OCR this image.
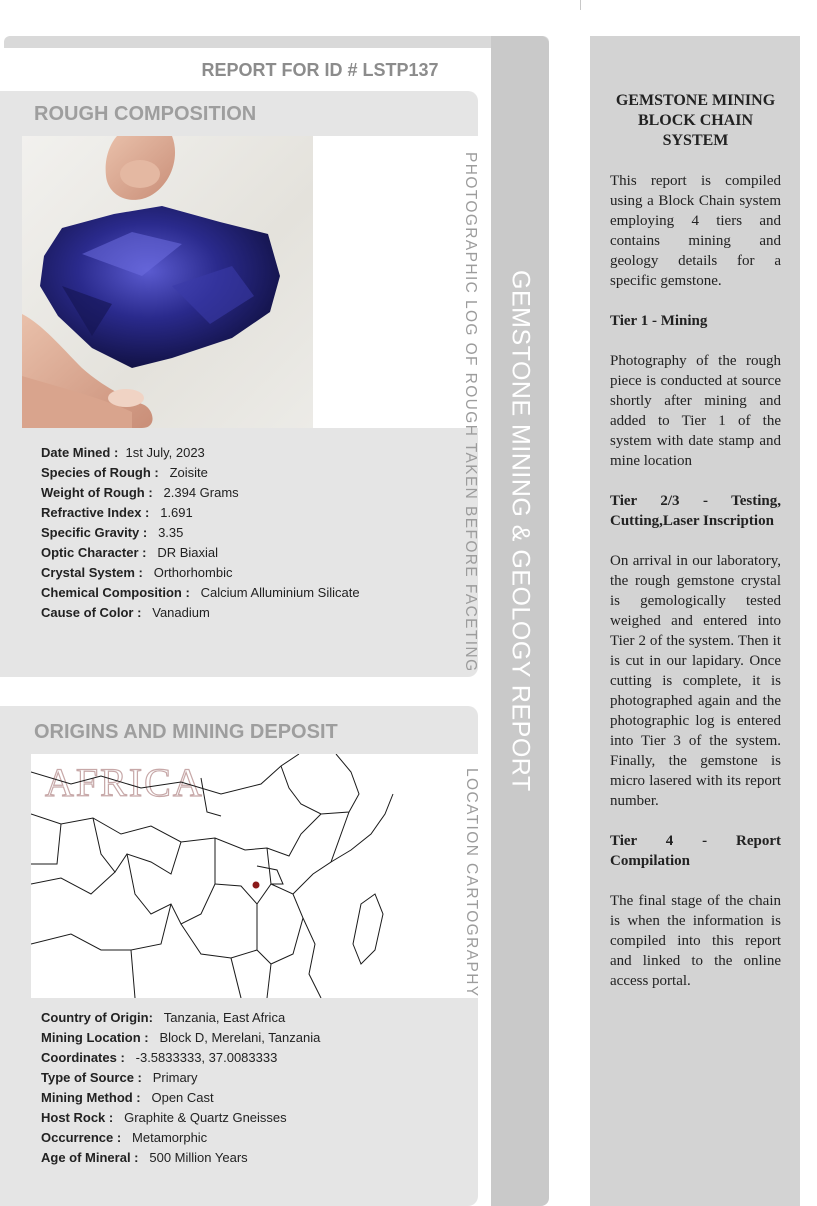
GEMSTONE MINING & GEOLOGY REPORT
REPORT FOR ID # LSTP137
ROUGH COMPOSITION
PHOTOGRAPHIC LOG OF ROUGH TAKEN BEFORE FACETING
Date Mined : 1st July, 2023
Species of Rough : Zoisite
Weight of Rough : 2.394 Grams
Refractive Index : 1.691
Specific Gravity : 3.35
Optic Character : DR Biaxial
Crystal System : Orthorhombic
Chemical Composition : Calcium Alluminium Silicate
Cause of Color : Vanadium
ORIGINS AND MINING DEPOSIT
AFRICA	LOCATION CARTOGRAPHY
Country of Origin: Tanzania, East Africa
Mining Location : Block D, Merelani, Tanzania
Coordinates : -3.5833333, 37.0083333
Type of Source : Primary
Mining Method : Open Cast
Host Rock : Graphite & Quartz Gneisses
Occurrence : Metamorphic
Age of Mineral : 500 Million Years
GEMSTONE MINING BLOCK CHAIN SYSTEM

This report is compiled using a Block Chain system employing 4 tiers and contains mining and geology details for a specific gemstone.

Tier 1 - Mining

Photography of the rough piece is conducted at source shortly after mining and added to Tier 1 of the system with date stamp and mine location

Tier 2/3 - Testing, Cutting,Laser Inscription

On arrival in our laboratory, the rough gemstone crystal is gemologically tested weighed and entered into Tier 2 of the system. Then it is cut in our lapidary. Once cutting is complete, it is photographed again and the photographic log is entered into Tier 3 of the system. Finally, the gemstone is micro lasered with its report number.

Tier 4 - Report Compilation

The final stage of the chain is when the information is compiled into this report and linked to the online access portal.
